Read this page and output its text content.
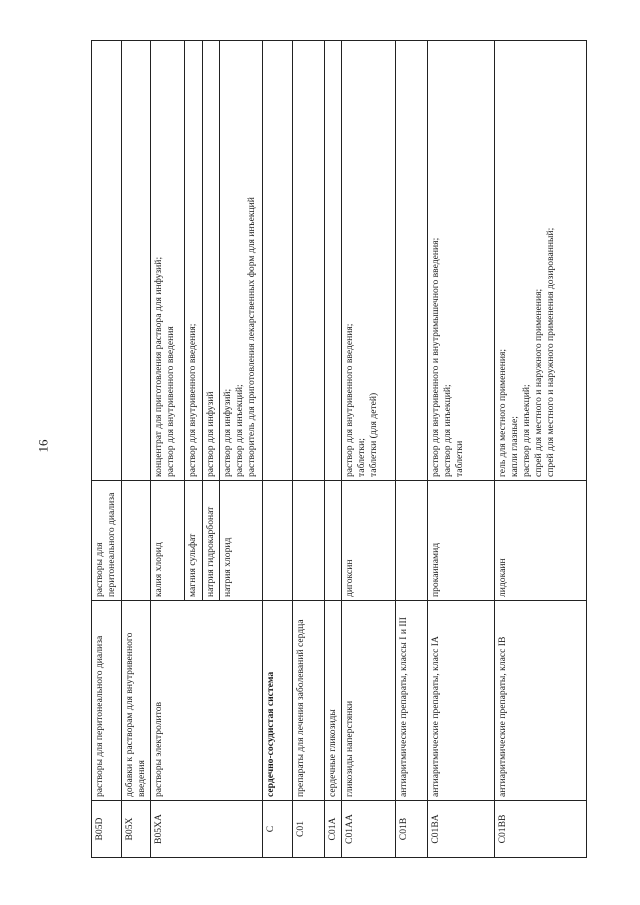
16
B05D	растворы для перитонеального диализа	растворы для перитонеального диализа	
B05X	добавки к растворам для внутривенного введения		
B05XA	растворы электролитов	калия хлорид	концентрат для приготовления раствора для инфузий;
раствор для внутривенного введения
		магния сульфат	раствор для внутривенного введения;
		натрия гидрокарбонат	раствор для инфузий
		натрия хлорид	раствор для инфузий;
раствор для инъекций;
растворитель для приготовления лекарственных форм для инъекций
C	сердечно-сосудистая система		
C01	препараты для лечения заболеваний сердца		
C01A	сердечные гликозиды		
C01AA	гликозиды наперстянки	дигоксин	раствор для внутривенного введения;
таблетки;
таблетки (для детей)
C01B	антиаритмические препараты, классы I и III		
C01BA	антиаритмические препараты, класс IA	прокаинамид	раствор для внутривенного и внутримышечного введения;
раствор для инъекций;
таблетки
C01BB	антиаритмические препараты, класс IB	лидокаин	гель для местного применения;
капли глазные;
раствор для инъекций;
спрей для местного и наружного применения;
спрей для местного и наружного применения дозированный;
